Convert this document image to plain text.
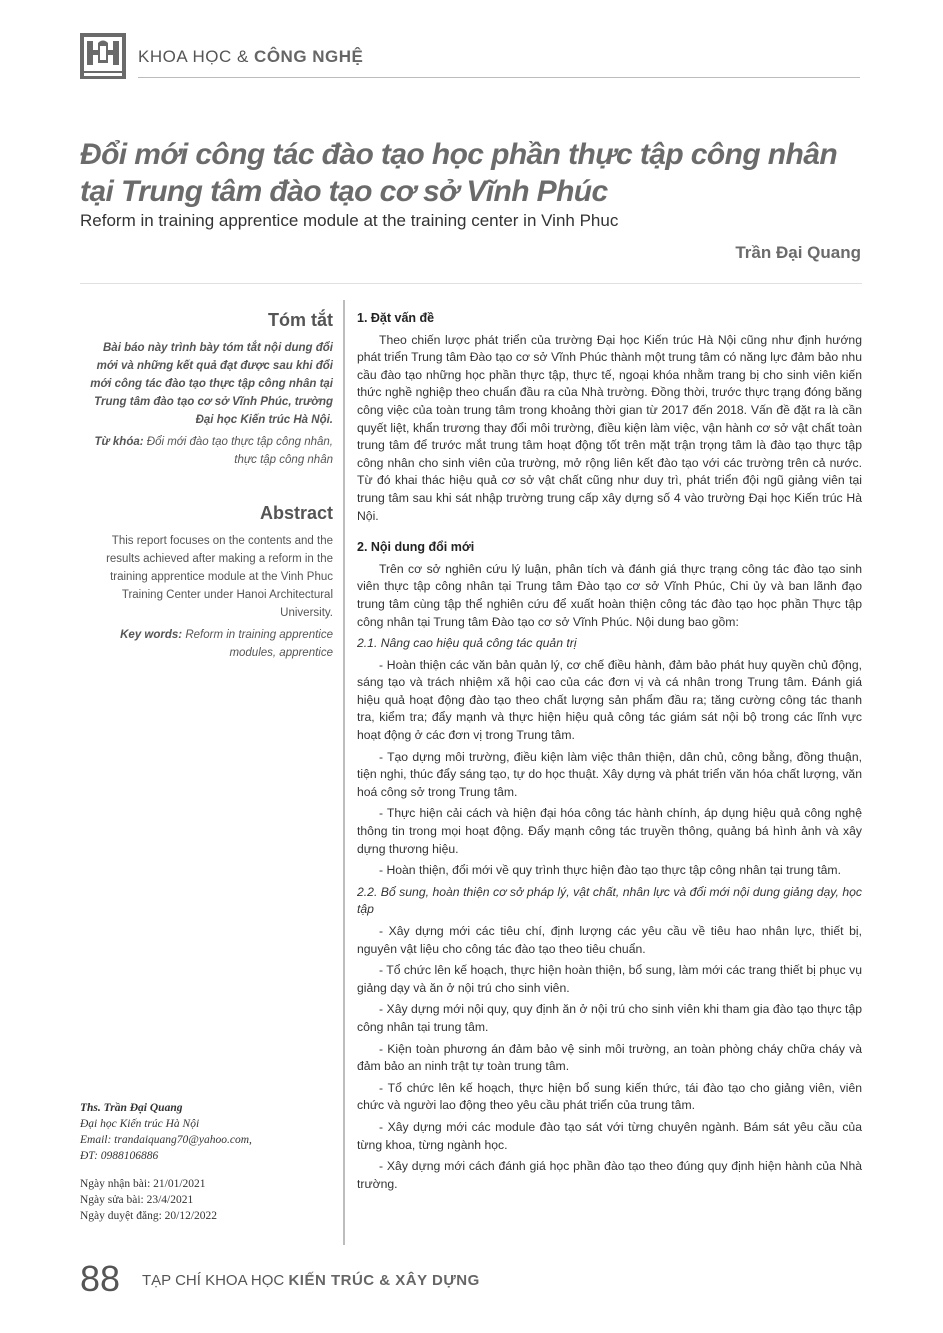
KHOA HỌC & CÔNG NGHỆ
Đổi mới công tác đào tạo học phần thực tập công nhân tại Trung tâm đào tạo cơ sở Vĩnh Phúc
Reform in training apprentice module at the training center in Vinh Phuc
Trần Đại Quang
Tóm tắt

Bài báo này trình bày tóm tắt nội dung đổi mới và những kết quả đạt được sau khi đổi mới công tác đào tạo thực tập công nhân tại Trung tâm đào tạo cơ sở Vĩnh Phúc, trường Đại học Kiến trúc Hà Nội.

Từ khóa: Đổi mới đào tạo thực tập công nhân, thực tập công nhân

Abstract

This report focuses on the contents and the results achieved after making a reform in the training apprentice module at the Vinh Phuc Training Center under Hanoi Architectural University.

Key words: Reform in training apprentice modules, apprentice

Ths. Trần Đại Quang
Đại học Kiến trúc Hà Nội
Email: trandaiquang70@yahoo.com,
ĐT: 0988106886
Ngày nhận bài: 21/01/2021
Ngày sửa bài: 23/4/2021
Ngày duyệt đăng: 20/12/2022
1. Đặt vấn đề

Theo chiến lược phát triển của trường Đại học Kiến trúc Hà Nội cũng như định hướng phát triển Trung tâm Đào tạo cơ sở Vĩnh Phúc thành một trung tâm có năng lực đảm bảo nhu cầu đào tạo những học phần thực tập, thực tế, ngoại khóa nhằm trang bị cho sinh viên kiến thức nghề nghiệp theo chuẩn đầu ra của Nhà trường. Đồng thời, trước thực trạng đóng băng công việc của toàn trung tâm trong khoảng thời gian từ 2017 đến 2018. Vấn đề đặt ra là cần quyết liệt, khẩn trương thay đổi môi trường, điều kiện làm việc, vận hành cơ sở vật chất toàn trung tâm để trước mắt trung tâm hoạt động tốt trên mặt trận trọng tâm là đào tạo thực tập công nhân cho sinh viên của trường, mở rộng liên kết đào tạo với các trường trên cả nước. Từ đó khai thác hiệu quả cơ sở vật chất cũng như duy trì, phát triển đội ngũ giảng viên tại trung tâm sau khi sát nhập trường trung cấp xây dựng số 4 vào trường Đại học Kiến trúc Hà Nội.

2. Nội dung đổi mới

Trên cơ sở nghiên cứu lý luận, phân tích và đánh giá thực trạng công tác đào tạo sinh viên thực tập công nhân tại Trung tâm Đào tạo cơ sở Vĩnh Phúc, Chi ủy và ban lãnh đạo trung tâm cùng tập thể nghiên cứu để xuất hoàn thiện công tác đào tạo học phần Thực tập công nhân tại Trung tâm Đào tạo cơ sở Vĩnh Phúc. Nội dung bao gồm:

2.1. Nâng cao hiệu quả công tác quản trị

- Hoàn thiện các văn bản quản lý, cơ chế điều hành, đảm bảo phát huy quyền chủ động, sáng tạo và trách nhiệm xã hội cao của các đơn vị và cá nhân trong Trung tâm. Đánh giá hiệu quả hoạt động đào tạo theo chất lượng sản phẩm đầu ra; tăng cường công tác thanh tra, kiểm tra; đẩy mạnh và thực hiện hiệu quả công tác giám sát nội bộ trong các lĩnh vực hoạt động ở các đơn vị trong Trung tâm.

- Tạo dựng môi trường, điều kiện làm việc thân thiện, dân chủ, công bằng, đồng thuận, tiện nghi, thúc đẩy sáng tạo, tự do học thuật. Xây dựng và phát triển văn hóa chất lượng, văn hoá công sở trong Trung tâm.

- Thực hiện cải cách và hiện đại hóa công tác hành chính, áp dụng hiệu quả công nghệ thông tin trong mọi hoạt động. Đẩy mạnh công tác truyền thông, quảng bá hình ảnh và xây dựng thương hiệu.

- Hoàn thiện, đổi mới về quy trình thực hiện đào tạo thực tập công nhân tại trung tâm.

2.2. Bổ sung, hoàn thiện cơ sở pháp lý, vật chất, nhân lực và đổi mới nội dung giảng dạy, học tập

- Xây dựng mới các tiêu chí, định lượng các yêu cầu về tiêu hao nhân lực, thiết bị, nguyên vật liệu cho công tác đào tạo theo tiêu chuẩn.

- Tổ chức lên kế hoạch, thực hiện hoàn thiện, bổ sung, làm mới các trang thiết bị phục vụ giảng dạy và ăn ở nội trú cho sinh viên.

- Xây dựng mới nội quy, quy định ăn ở nội trú cho sinh viên khi tham gia đào tạo thực tập công nhân tại trung tâm.

- Kiện toàn phương án đảm bảo vệ sinh môi trường, an toàn phòng cháy chữa cháy và đảm bảo an ninh trật tự toàn trung tâm.

- Tổ chức lên kế hoạch, thực hiện bổ sung kiến thức, tái đào tạo cho giảng viên, viên chức và người lao động theo yêu cầu phát triển của trung tâm.

- Xây dựng mới các module đào tạo sát với từng chuyên ngành. Bám sát yêu cầu của từng khoa, từng ngành học.

- Xây dựng mới cách đánh giá học phần đào tạo theo đúng quy định hiện hành của Nhà trường.

88 TẠP CHÍ KHOA HỌC KIẾN TRÚC & XÂY DỰNG
